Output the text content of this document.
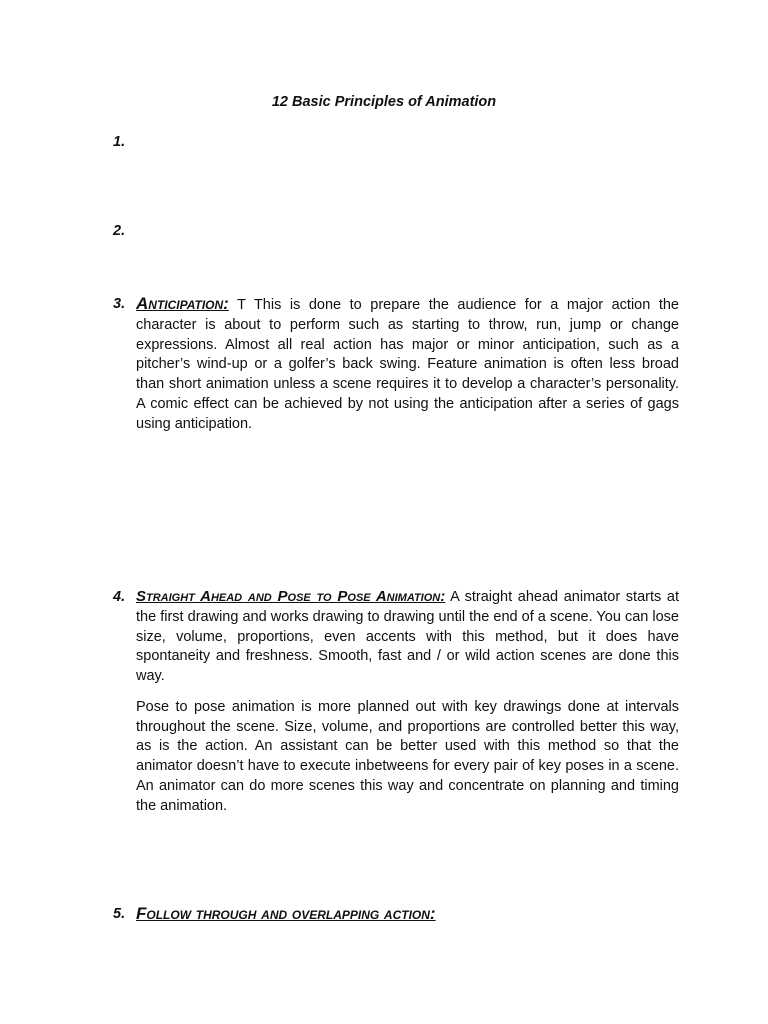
12 Basic Principles of Animation
1.
2.
3. Anticipation: T This is done to prepare the audience for a major action the character is about to perform such as starting to throw, run, jump or change expressions. Almost all real action has major or minor anticipation, such as a pitcher’s wind-up or a golfer’s back swing. Feature animation is often less broad than short animation unless a scene requires it to develop a character’s personality. A comic effect can be achieved by not using the anticipation after a series of gags using anticipation.
4. Straight Ahead and Pose to Pose Animation: A straight ahead animator starts at the first drawing and works drawing to drawing until the end of a scene. You can lose size, volume, proportions, even accents with this method, but it does have spontaneity and freshness. Smooth, fast and / or wild action scenes are done this way.
Pose to pose animation is more planned out with key drawings done at intervals throughout the scene. Size, volume, and proportions are controlled better this way, as is the action. An assistant can be better used with this method so that the animator doesn’t have to execute inbetweens for every pair of key poses in a scene. An animator can do more scenes this way and concentrate on planning and timing the animation.
5. Follow through and overlapping action:
